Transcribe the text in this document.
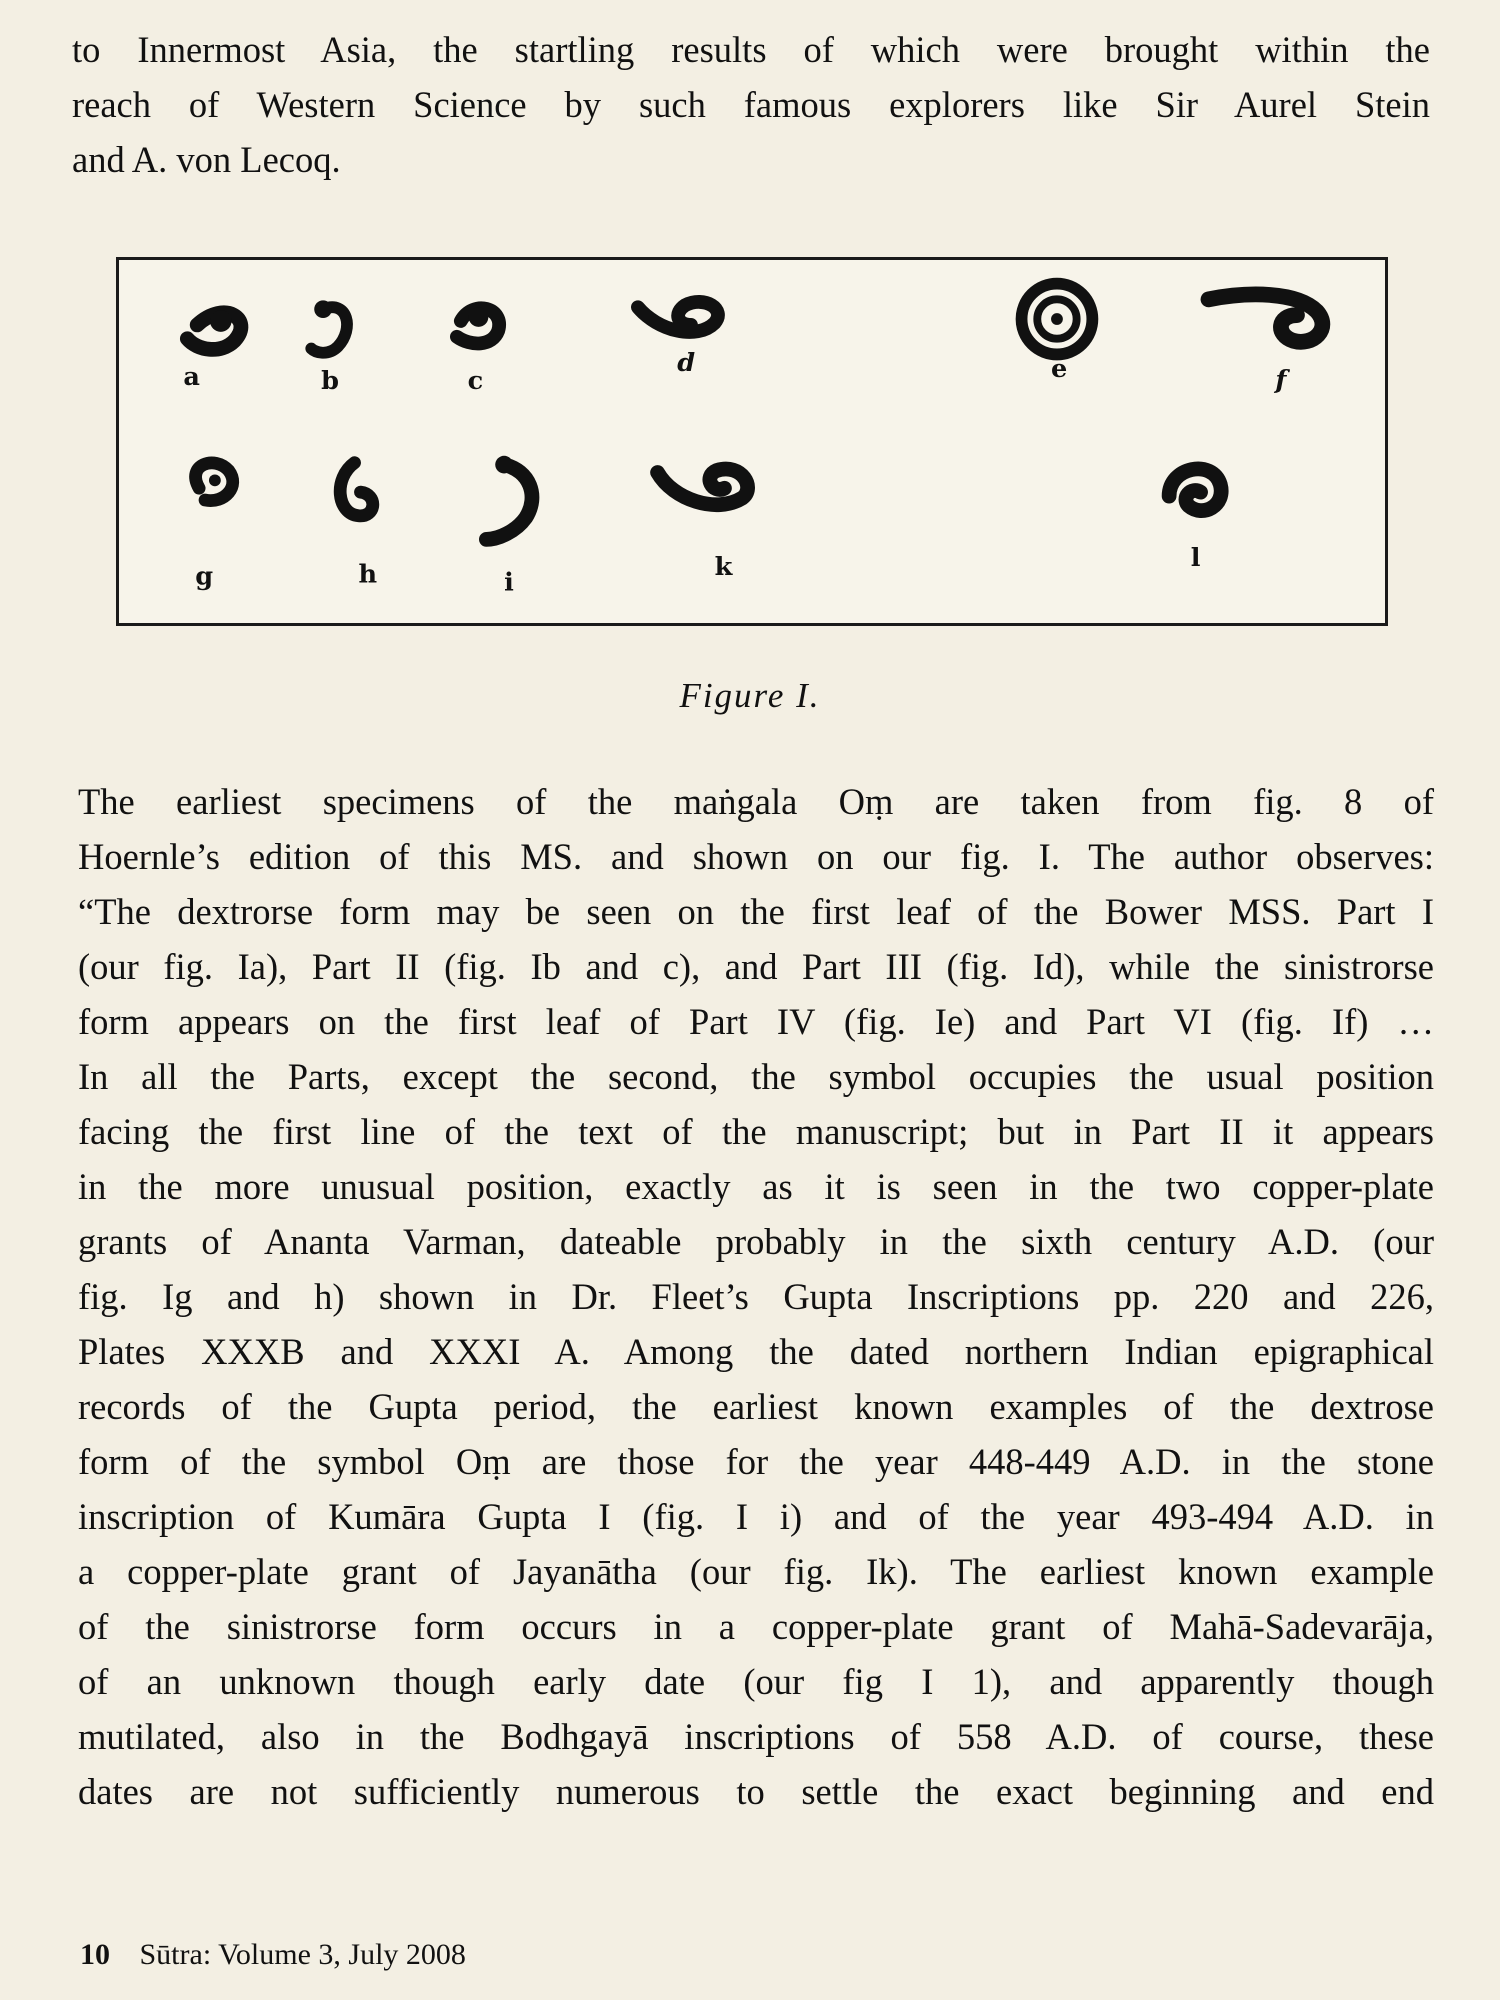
to Innermost Asia, the startling results of which were brought within the
reach of Western Science by such famous explorers like Sir Aurel Stein
and A. von Lecoq.

a	b	c
d	e	f
g	h	i
k	l
Figure I.

The earliest specimens of the maṅgala Oṃ are taken from fig. 8 of
Hoernle’s edition of this MS. and shown on our fig. I. The author observes:
“The dextrorse form may be seen on the first leaf of the Bower MSS. Part I
(our fig. Ia), Part II (fig. Ib and c), and Part III (fig. Id), while the sinistrorse
form appears on the first leaf of Part IV (fig. Ie) and Part VI (fig. If) …
In all the Parts, except the second, the symbol occupies the usual position
facing the first line of the text of the manuscript; but in Part II it appears
in the more unusual position, exactly as it is seen in the two copper-plate
grants of Ananta Varman, dateable probably in the sixth century A.D. (our
fig. Ig and h) shown in Dr. Fleet’s Gupta Inscriptions pp. 220 and 226,
Plates XXXB and XXXI A. Among the dated northern Indian epigraphical
records of the Gupta period, the earliest known examples of the dextrose
form of the symbol Oṃ are those for the year 448-449 A.D. in the stone
inscription of Kumāra Gupta I (fig. I i) and of the year 493-494 A.D. in
a copper-plate grant of Jayanātha (our fig. Ik). The earliest known example
of the sinistrorse form occurs in a copper-plate grant of Mahā-Sadevarāja,
of an unknown though early date (our fig I 1), and apparently though
mutilated, also in the Bodhgayā inscriptions of 558 A.D. of course, these
dates are not sufficiently numerous to settle the exact beginning and end

10 Sūtra: Volume 3, July 2008
